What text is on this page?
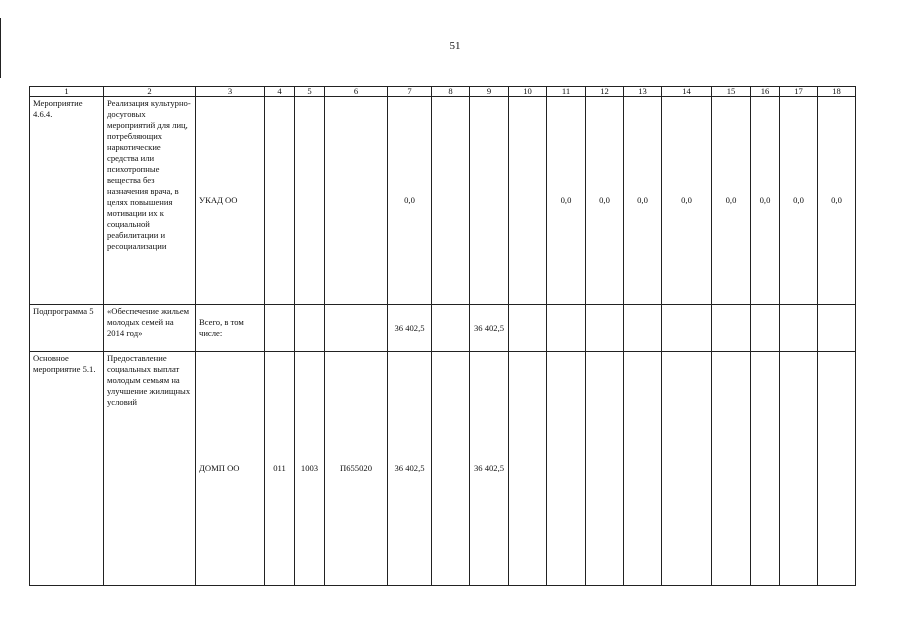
51
1	2	3	4	5	6	7	8	9	10	11	12	13	14	15	16	17	18
Мероприятие 4.6.4.	Реализация культурно-досуговых мероприятий для лиц, потребляющих наркотические средства или психотропные вещества без назначения врача, в целях повышения мотивации их к социальной реабилитации и ресоциализации	УКАД ОО				0,0				0,0	0,0	0,0	0,0	0,0	0,0	0,0	0,0
Подпрограмма 5	«Обеспечение жильем молодых семей на 2014 год»	Всего, в том числе:				36 402,5		36 402,5									
Основное мероприятие 5.1.	Предоставление социальных выплат молодым семьям на улучшение жилищных условий	ДОМП ОО	011	1003	П655020	36 402,5		36 402,5									
